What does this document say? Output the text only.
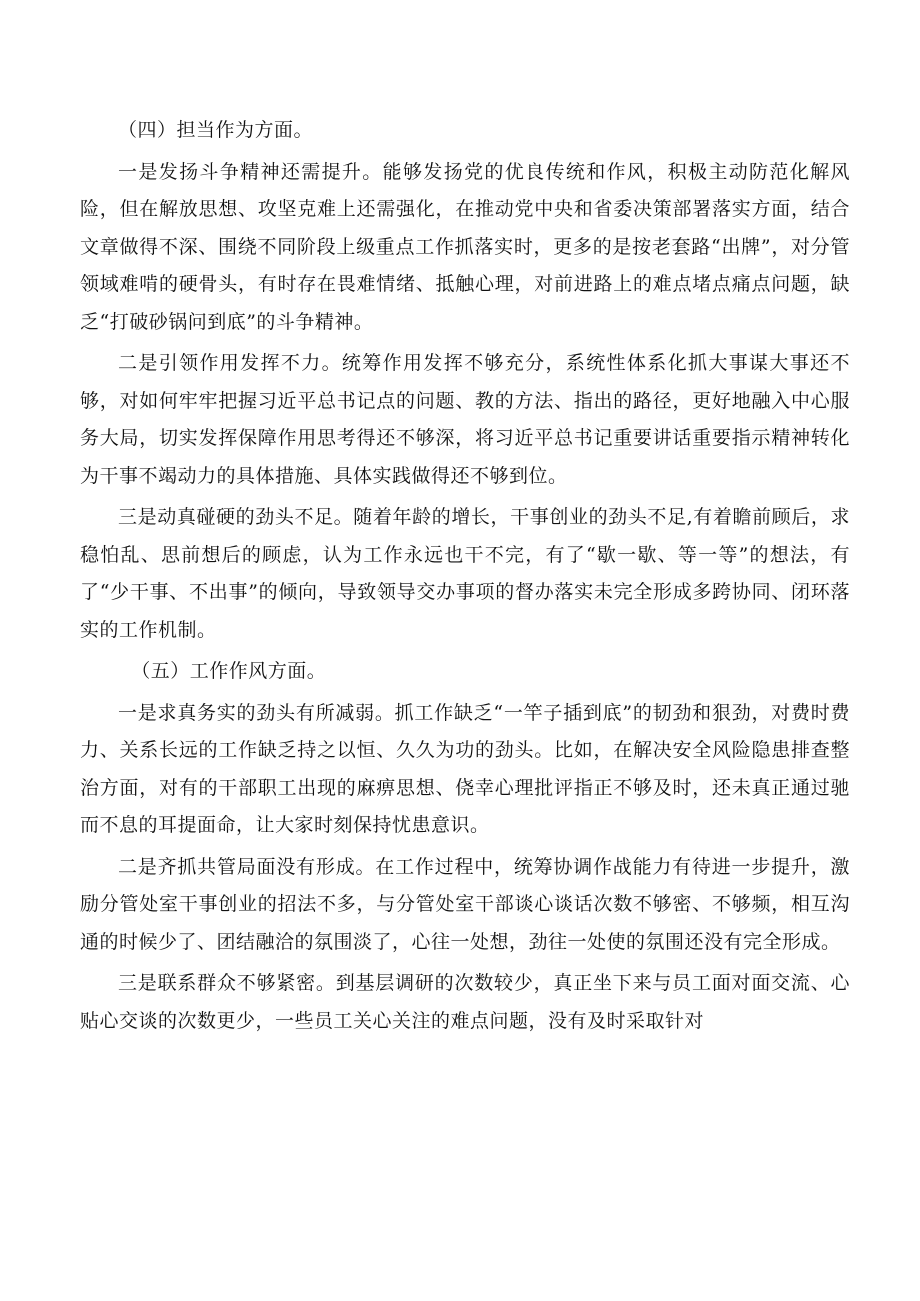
（四）担当作为方面。

一是发扬斗争精神还需提升。能够发扬党的优良传统和作风，积极主动防范化解风险，但在解放思想、攻坚克难上还需强化，在推动党中央和省委决策部署落实方面，结合文章做得不深、围绕不同阶段上级重点工作抓落实时，更多的是按老套路“出牌”，对分管领域难啃的硬骨头，有时存在畏难情绪、抵触心理，对前进路上的难点堵点痛点问题，缺乏“打破砂锅问到底”的斗争精神。

二是引领作用发挥不力。统筹作用发挥不够充分，系统性体系化抓大事谋大事还不够，对如何牢牢把握习近平总书记点的问题、教的方法、指出的路径，更好地融入中心服务大局，切实发挥保障作用思考得还不够深，将习近平总书记重要讲话重要指示精神转化为干事不竭动力的具体措施、具体实践做得还不够到位。

三是动真碰硬的劲头不足。随着年龄的增长，干事创业的劲头不足,有着瞻前顾后，求稳怕乱、思前想后的顾虑，认为工作永远也干不完，有了“歇一歇、等一等”的想法，有了“少干事、不出事”的倾向，导致领导交办事项的督办落实未完全形成多跨协同、闭环落实的工作机制。

（五）工作作风方面。

一是求真务实的劲头有所减弱。抓工作缺乏“一竿子插到底”的韧劲和狠劲，对费时费力、关系长远的工作缺乏持之以恒、久久为功的劲头。比如，在解决安全风险隐患排查整治方面，对有的干部职工出现的麻痹思想、侥幸心理批评指正不够及时，还未真正通过驰而不息的耳提面命，让大家时刻保持忧患意识。

二是齐抓共管局面没有形成。在工作过程中，统筹协调作战能力有待进一步提升，激励分管处室干事创业的招法不多，与分管处室干部谈心谈话次数不够密、不够频，相互沟通的时候少了、团结融洽的氛围淡了，心往一处想，劲往一处使的氛围还没有完全形成。

三是联系群众不够紧密。到基层调研的次数较少，真正坐下来与员工面对面交流、心贴心交谈的次数更少，一些员工关心关注的难点问题，没有及时采取针对
